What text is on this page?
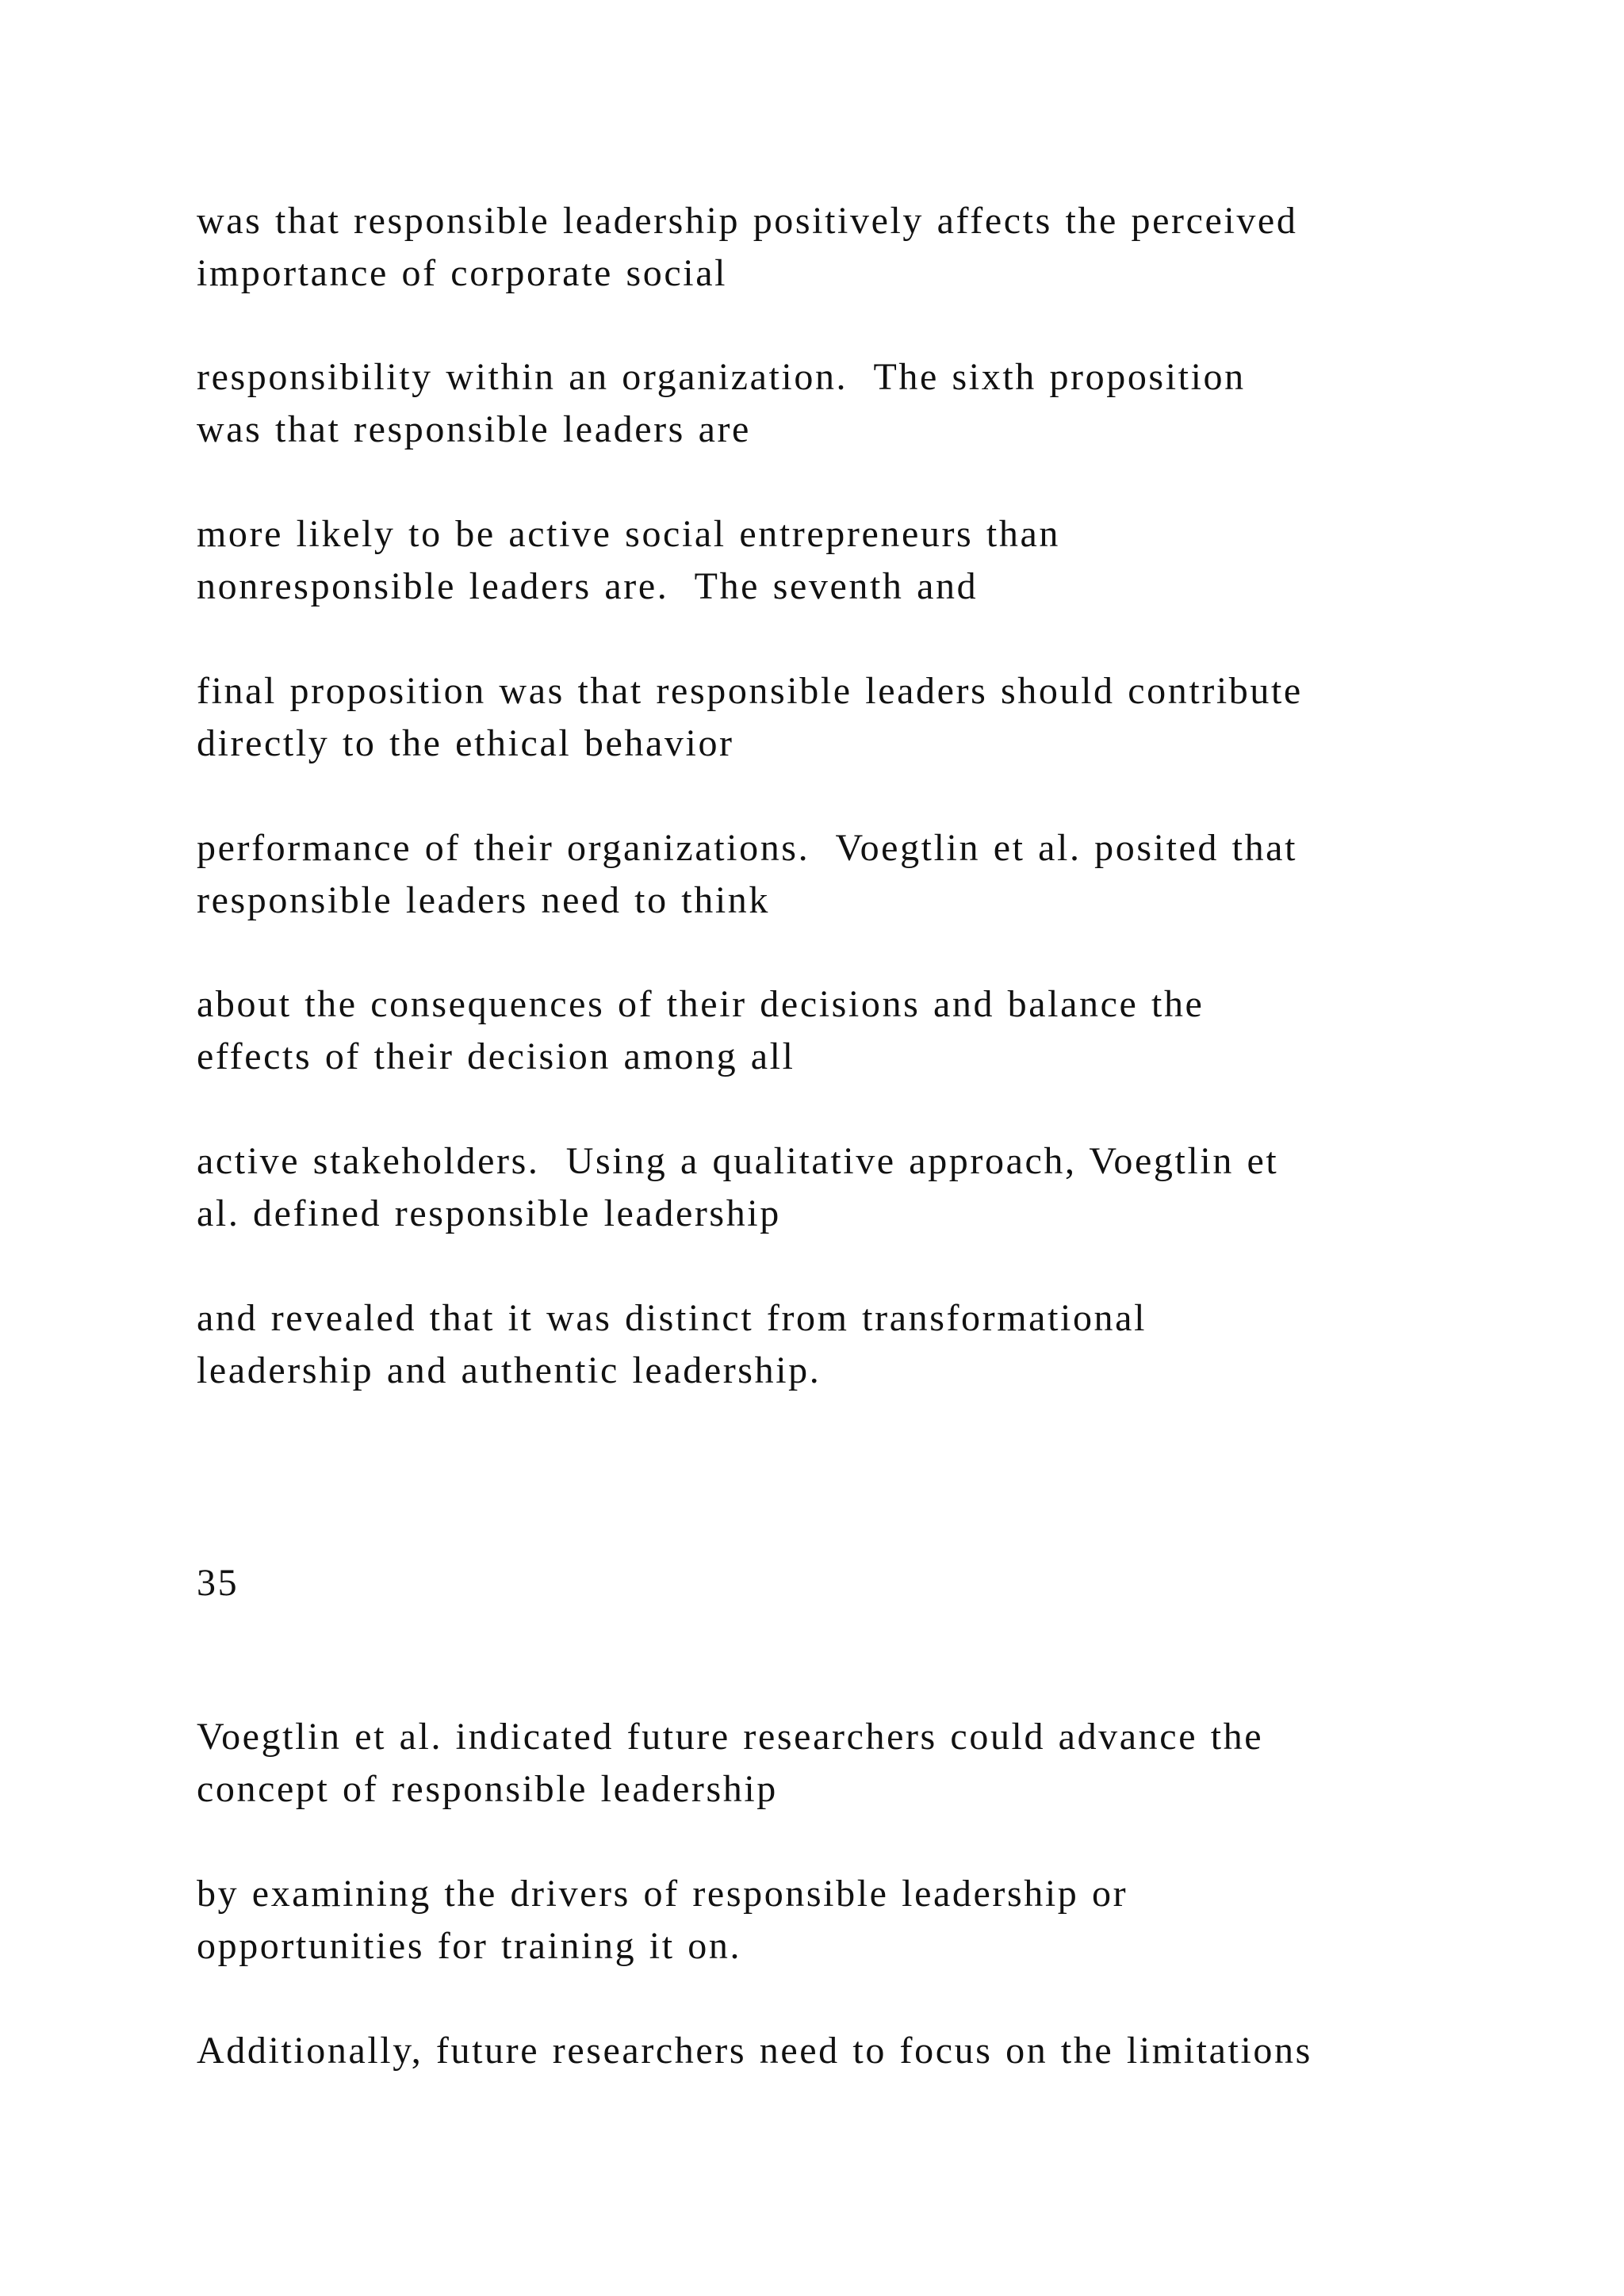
was that responsible leadership positively affects the perceived
importance of corporate social

responsibility within an organization.  The sixth proposition
was that responsible leaders are

more likely to be active social entrepreneurs than
nonresponsible leaders are.  The seventh and

final proposition was that responsible leaders should contribute
directly to the ethical behavior

performance of their organizations.  Voegtlin et al. posited that
responsible leaders need to think

about the consequences of their decisions and balance the
effects of their decision among all

active stakeholders.  Using a qualitative approach, Voegtlin et
al. defined responsible leadership

and revealed that it was distinct from transformational
leadership and authentic leadership.

35

Voegtlin et al. indicated future researchers could advance the
concept of responsible leadership

by examining the drivers of responsible leadership or
opportunities for training it on.

Additionally, future researchers need to focus on the limitations
